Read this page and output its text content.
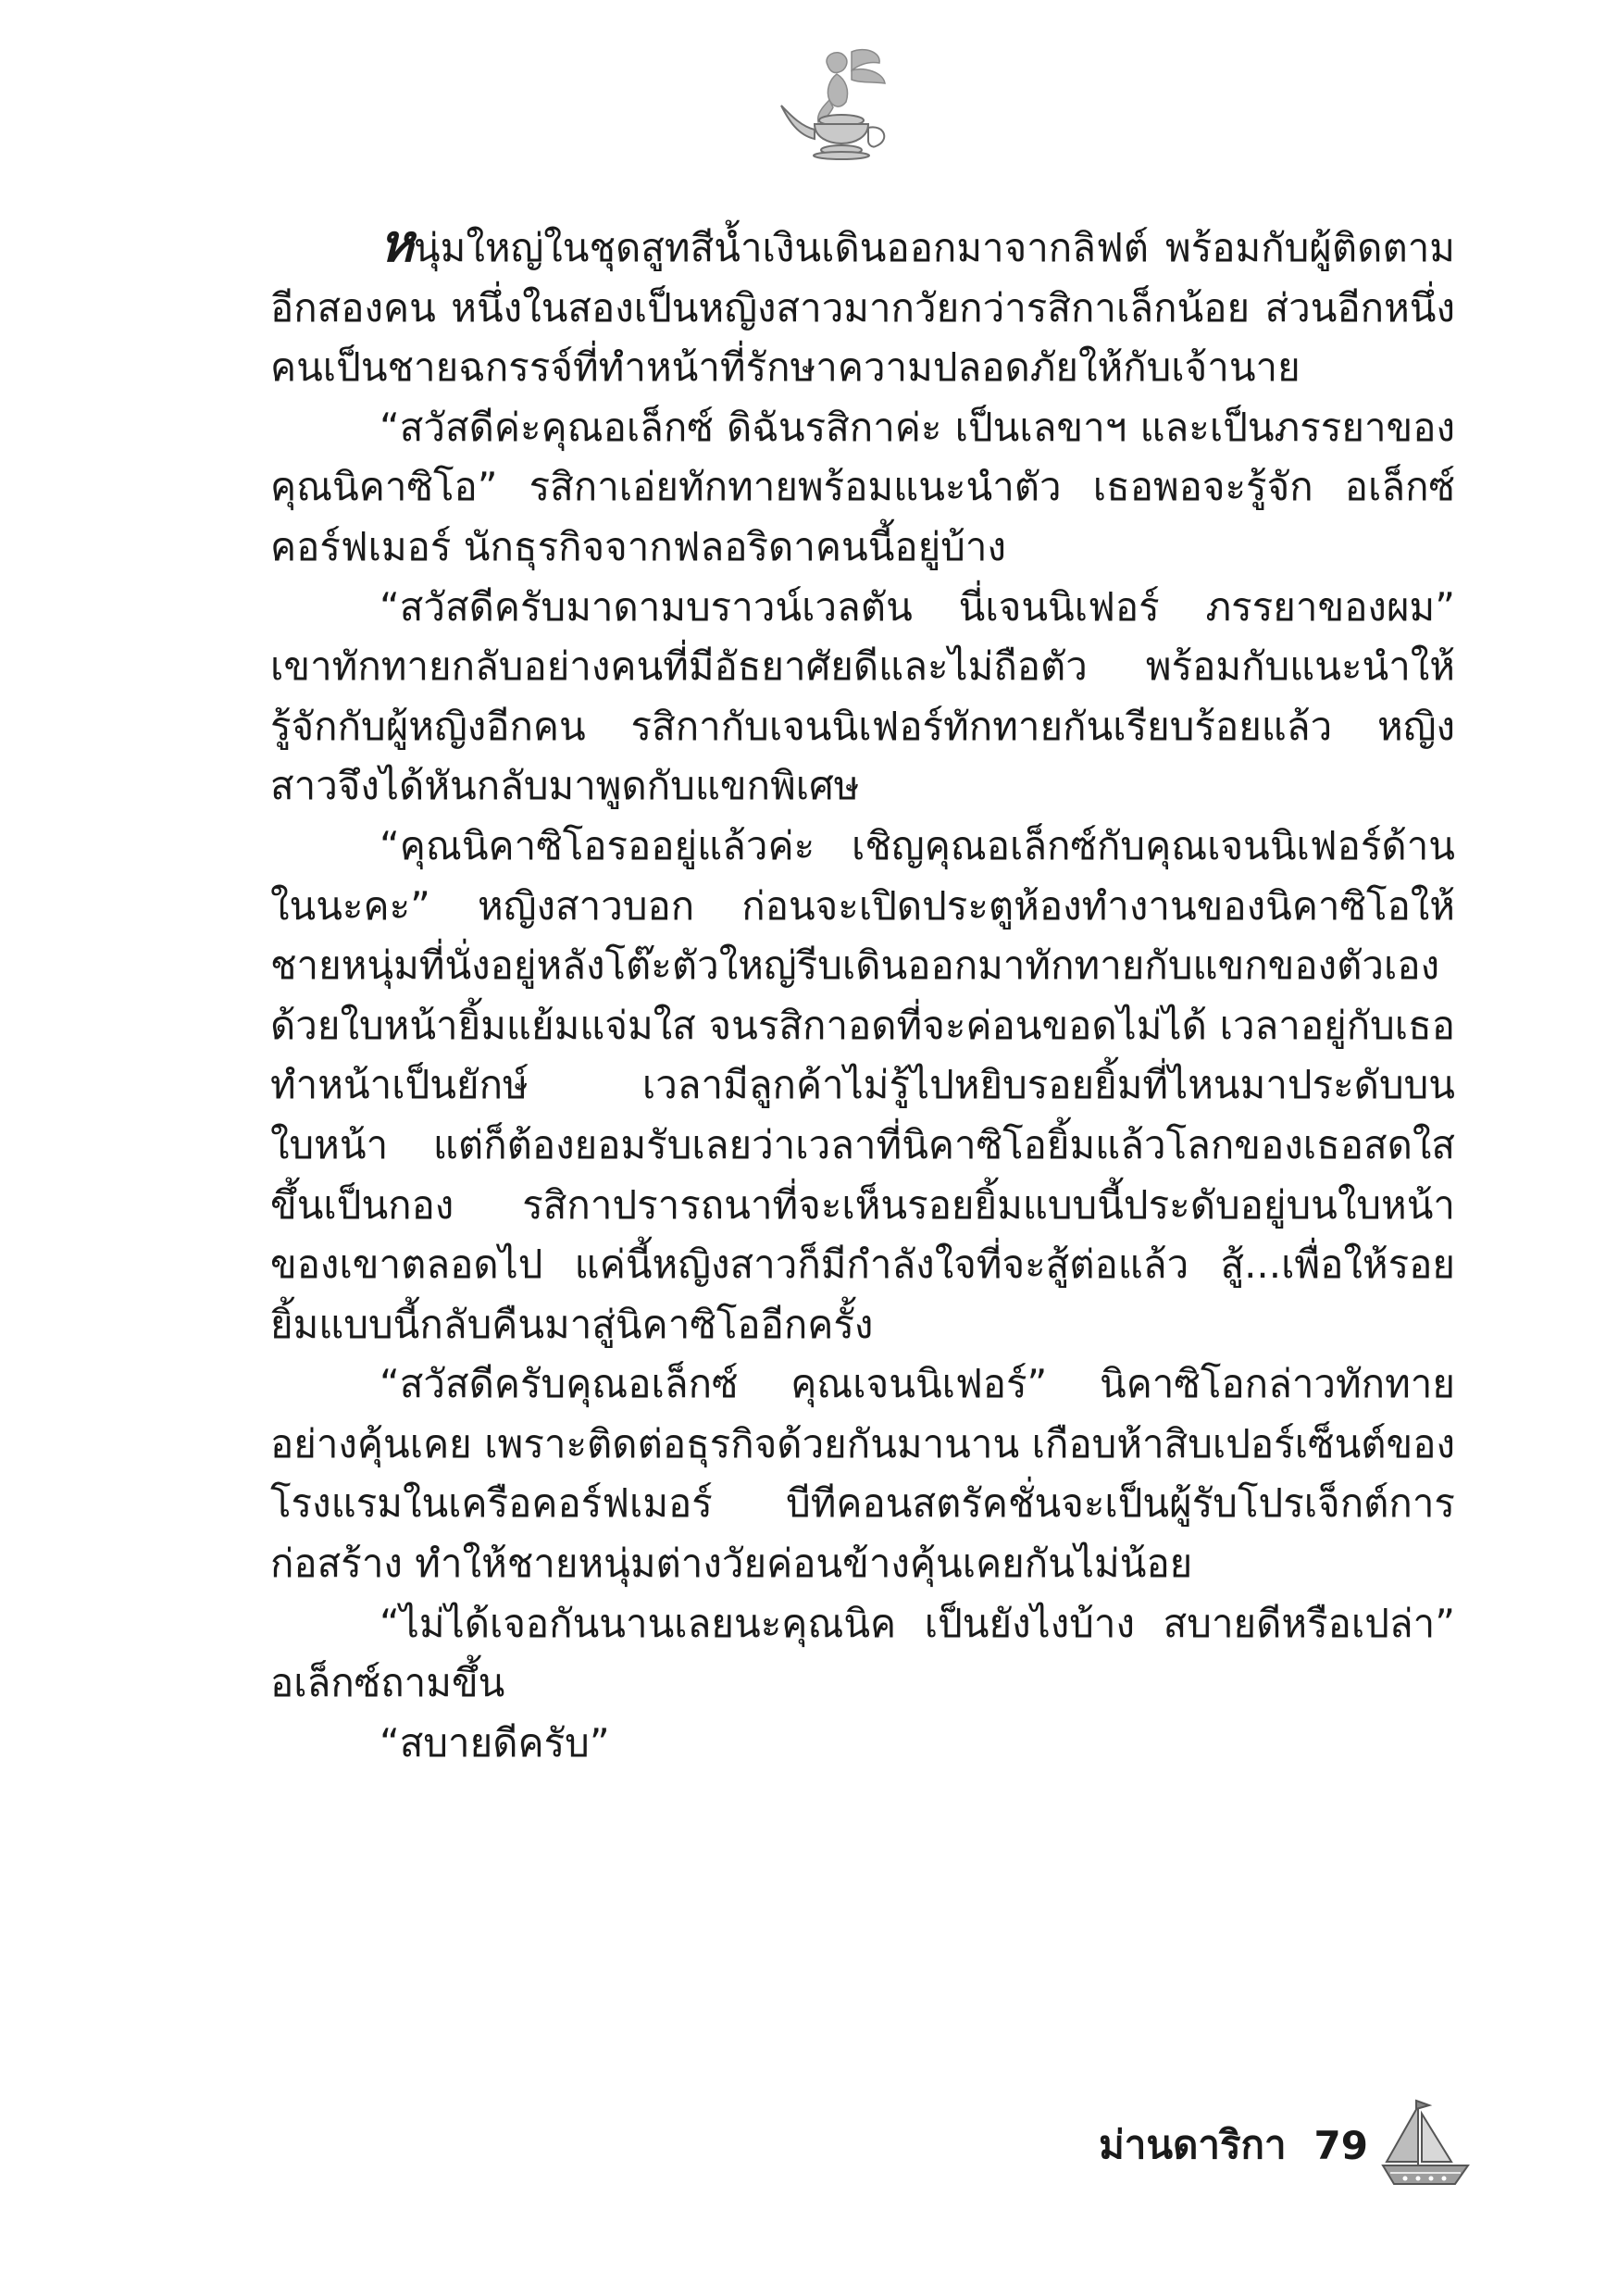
หนุ่มใหญ่ในชุดสูทสีน้ำเงินเดินออกมาจากลิฟต์ พร้อมกับผู้ติดตามอีกสองคน หนึ่งในสองเป็นหญิงสาวมากวัยกว่ารสิกาเล็กน้อย ส่วนอีกหนึ่งคนเป็นชายฉกรรจ์ที่ทำหน้าที่รักษาความปลอดภัยให้กับเจ้านาย

“สวัสดีค่ะคุณอเล็กซ์ ดิฉันรสิกาค่ะ เป็นเลขาฯ และเป็นภรรยาของคุณนิคาซิโอ” รสิกาเอ่ยทักทายพร้อมแนะนำตัว เธอพอจะรู้จัก อเล็กซ์ คอร์ฟเมอร์ นักธุรกิจจากฟลอริดาคนนี้อยู่บ้าง

“สวัสดีครับมาดามบราวน์เวลตัน นี่เจนนิเฟอร์ ภรรยาของผม” เขาทักทายกลับอย่างคนที่มีอัธยาศัยดีและไม่ถือตัว พร้อมกับแนะนำให้รู้จักกับผู้หญิงอีกคน รสิกากับเจนนิเฟอร์ทักทายกันเรียบร้อยแล้ว หญิงสาวจึงได้หันกลับมาพูดกับแขกพิเศษ

“คุณนิคาซิโอรออยู่แล้วค่ะ เชิญคุณอเล็กซ์กับคุณเจนนิเฟอร์ด้านในนะคะ” หญิงสาวบอก ก่อนจะเปิดประตูห้องทำงานของนิคาซิโอให้ ชายหนุ่มที่นั่งอยู่หลังโต๊ะตัวใหญ่รีบเดินออกมาทักทายกับแขกของตัวเองด้วยใบหน้ายิ้มแย้มแจ่มใส จนรสิกาอดที่จะค่อนขอดไม่ได้ เวลาอยู่กับเธอทำหน้าเป็นยักษ์ เวลามีลูกค้าไม่รู้ไปหยิบรอยยิ้มที่ไหนมาประดับบนใบหน้า แต่ก็ต้องยอมรับเลยว่าเวลาที่นิคาซิโอยิ้มแล้วโลกของเธอสดใสขึ้นเป็นกอง รสิกาปรารถนาที่จะเห็นรอยยิ้มแบบนี้ประดับอยู่บนใบหน้าของเขาตลอดไป แค่นี้หญิงสาวก็มีกำลังใจที่จะสู้ต่อแล้ว สู้...เพื่อให้รอยยิ้มแบบนี้กลับคืนมาสู่นิคาซิโออีกครั้ง

“สวัสดีครับคุณอเล็กซ์ คุณเจนนิเฟอร์” นิคาซิโอกล่าวทักทายอย่างคุ้นเคย เพราะติดต่อธุรกิจด้วยกันมานาน เกือบห้าสิบเปอร์เซ็นต์ของโรงแรมในเครือคอร์ฟเมอร์ บีทีคอนสตรัคชั่นจะเป็นผู้รับโปรเจ็กต์การก่อสร้าง ทำให้ชายหนุ่มต่างวัยค่อนข้างคุ้นเคยกันไม่น้อย

“ไม่ได้เจอกันนานเลยนะคุณนิค เป็นยังไงบ้าง สบายดีหรือเปล่า” อเล็กซ์ถามขึ้น

“สบายดีครับ”

ม่านดาริกา 79
